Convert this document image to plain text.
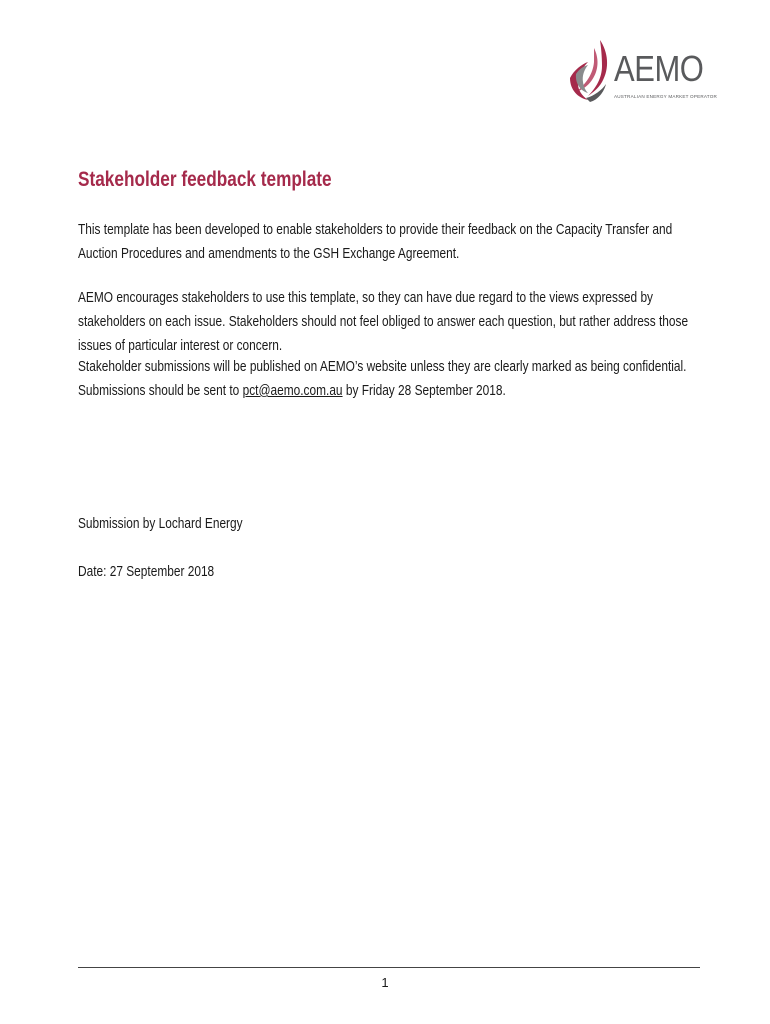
AEMO
AUSTRALIAN ENERGY MARKET OPERATOR
Stakeholder feedback template

This template has been developed to enable stakeholders to provide their feedback on the Capacity Transfer and Auction Procedures and amendments to the GSH Exchange Agreement.

AEMO encourages stakeholders to use this template, so they can have due regard to the views expressed by stakeholders on each issue. Stakeholders should not feel obliged to answer each question, but rather address those issues of particular interest or concern.

Stakeholder submissions will be published on AEMO’s website unless they are clearly marked as being confidential. Submissions should be sent to pct@aemo.com.au by Friday 28 September 2018.

Submission by Lochard Energy

Date: 27 September 2018

1
